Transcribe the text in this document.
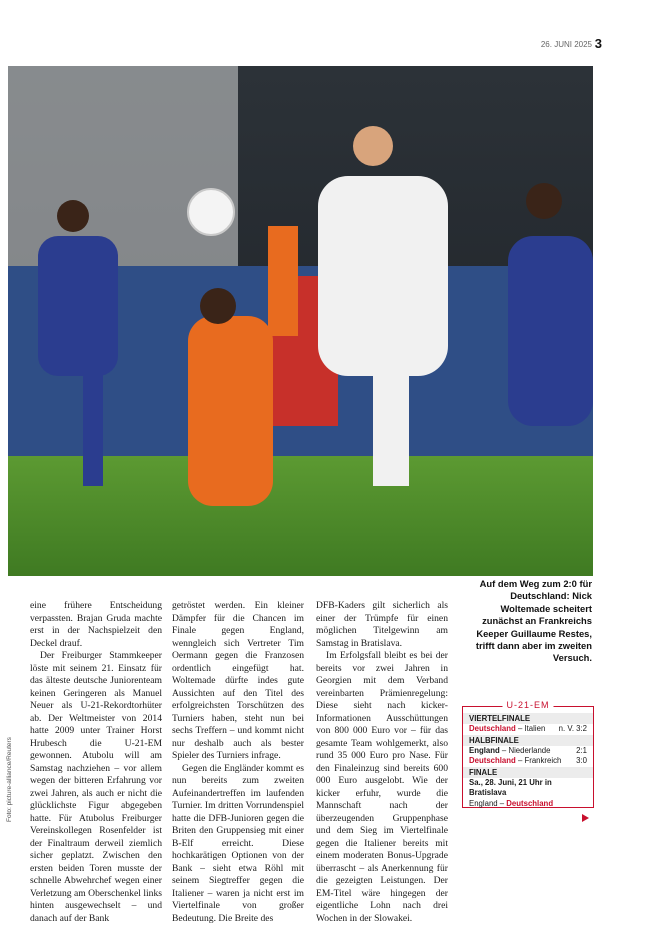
26. JUNI 2025 3
Foto: picture-alliance/Reuters

eine frühere Entscheidung verpassten. Brajan Gruda machte erst in der Nachspielzeit den Deckel drauf.

Der Freiburger Stammkeeper löste mit seinem 21. Einsatz für das älteste deutsche Juniorenteam keinen Geringeren als Manuel Neuer als U-21-Rekordtorhüter ab. Der Weltmeister von 2014 hatte 2009 unter Trainer Horst Hrubesch die U-21-EM gewonnen. Atubolu will am Samstag nachziehen – vor allem wegen der bitteren Erfahrung vor zwei Jahren, als auch er nicht die glücklichste Figur abgegeben hatte. Für Atubolus Freiburger Vereinskollegen Rosenfelder ist der Finaltraum derweil ziemlich sicher geplatzt. Zwischen den ersten beiden Toren musste der schnelle Abwehrchef wegen einer Verletzung am Oberschenkel links hinten ausgewechselt – und danach auf der Bank

getröstet werden. Ein kleiner Dämpfer für die Chancen im Finale gegen England, wenngleich sich Vertreter Tim Oermann gegen die Franzosen ordentlich eingefügt hat. Woltemade dürfte indes gute Aussichten auf den Titel des erfolgreichsten Torschützen des Turniers haben, steht nun bei sechs Treffern – und kommt nicht nur deshalb auch als bester Spieler des Turniers infrage.

Gegen die Engländer kommt es nun bereits zum zweiten Aufeinandertreffen im laufenden Turnier. Im dritten Vorrundenspiel hatte die DFB-Junioren gegen die Briten den Gruppensieg mit einer B-Elf erreicht. Diese hochkarätigen Optionen von der Bank – sieht etwa Röhl mit seinem Siegtreffer gegen die Italiener – waren ja nicht erst im Viertelfinale von großer Bedeutung. Die Breite des

DFB-Kaders gilt sicherlich als einer der Trümpfe für einen möglichen Titelgewinn am Samstag in Bratislava.

Im Erfolgsfall bleibt es bei der bereits vor zwei Jahren in Georgien mit dem Verband vereinbarten Prämienregelung: Diese sieht nach kicker-Informationen Ausschüttungen von 800 000 Euro vor – für das gesamte Team wohlgemerkt, also rund 35 000 Euro pro Nase. Für den Finaleinzug sind bereits 600 000 Euro ausgelobt. Wie der kicker erfuhr, wurde die Mannschaft nach der überzeugenden Gruppenphase und dem Sieg im Viertelfinale gegen die Italiener bereits mit einem moderaten Bonus-Upgrade überrascht – als Anerkennung für die gezeigten Leistungen. Der EM-Titel wäre hingegen der eigentliche Lohn nach drei Wochen in der Slowakei.

Auf dem Weg zum 2:0 für Deutschland: Nick Woltemade scheitert zunächst an Frankreichs Keeper Guillaume Restes, trifft dann aber im zweiten Versuch.
U-21-EM
VIERTELFINALE
Deutschland – Italien n. V. 3:2
HALBFINALE
England – Niederlande	2:1
Deutschland – Frankreich 3:0
FINALE
Sa., 28. Juni, 21 Uhr in Bratislava
England – Deutschland
